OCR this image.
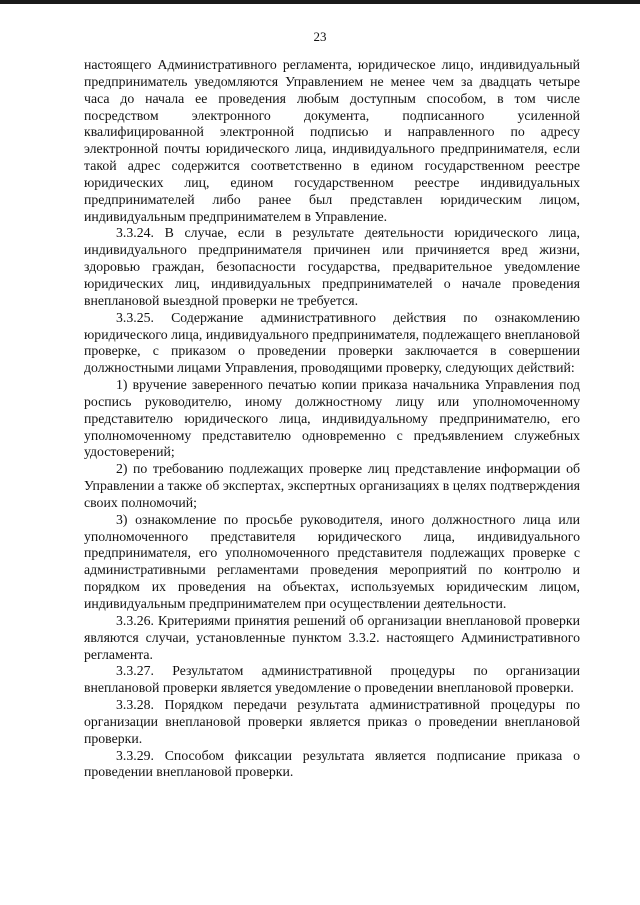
23

настоящего Административного регламента, юридическое лицо, индивидуальный предприниматель уведомляются Управлением не менее чем за двадцать четыре часа до начала ее проведения любым доступным способом, в том числе посредством электронного документа, подписанного усиленной квалифицированной электронной подписью и направленного по адресу электронной почты юридического лица, индивидуального предпринимателя, если такой адрес содержится соответственно в едином государственном реестре юридических лиц, едином государственном реестре индивидуальных предпринимателей либо ранее был представлен юридическим лицом, индивидуальным предпринимателем в Управление.

3.3.24. В случае, если в результате деятельности юридического лица, индивидуального предпринимателя причинен или причиняется вред жизни, здоровью граждан, безопасности государства, предварительное уведомление юридических лиц, индивидуальных предпринимателей о начале проведения внеплановой выездной проверки не требуется.

3.3.25. Содержание административного действия по ознакомлению юридического лица, индивидуального предпринимателя, подлежащего внеплановой проверке, с приказом о проведении проверки заключается в совершении должностными лицами Управления, проводящими проверку, следующих действий:

1) вручение заверенного печатью копии приказа начальника Управления под роспись руководителю, иному должностному лицу или уполномоченному представителю юридического лица, индивидуальному предпринимателю, его уполномоченному представителю одновременно с предъявлением служебных удостоверений;

2) по требованию подлежащих проверке лиц представление информации об Управлении а также об экспертах, экспертных организациях в целях подтверждения своих полномочий;

3) ознакомление по просьбе руководителя, иного должностного лица или уполномоченного представителя юридического лица, индивидуального предпринимателя, его уполномоченного представителя подлежащих проверке с административными регламентами проведения мероприятий по контролю и порядком их проведения на объектах, используемых юридическим лицом, индивидуальным предпринимателем при осуществлении деятельности.

3.3.26. Критериями принятия решений об организации внеплановой проверки являются случаи, установленные пунктом 3.3.2. настоящего Административного регламента.

3.3.27. Результатом административной процедуры по организации внеплановой проверки является уведомление о проведении внеплановой проверки.

3.3.28. Порядком передачи результата административной процедуры по организации внеплановой проверки является приказ о проведении внеплановой проверки.

3.3.29. Способом фиксации результата является подписание приказа о проведении внеплановой проверки.
